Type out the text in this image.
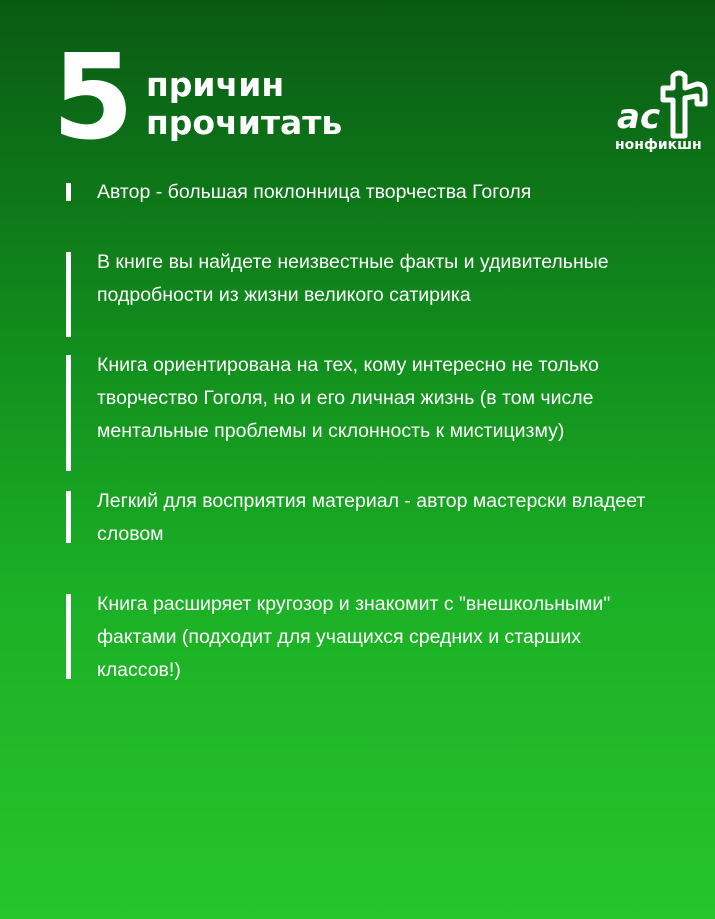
5 причин
прочитать	ас
нонфикшн
Автор - большая поклонница творчества Гоголя
В книге вы найдете неизвестные факты и удивительные подробности из жизни великого сатирика
Книга ориентирована на тех, кому интересно не только творчество Гоголя, но и его личная жизнь (в том числе ментальные проблемы и склонность к мистицизму)
Легкий для восприятия материал - автор мастерски владеет словом
Книга расширяет кругозор и знакомит с "внешкольными" фактами (подходит для учащихся средних и старших классов!)
